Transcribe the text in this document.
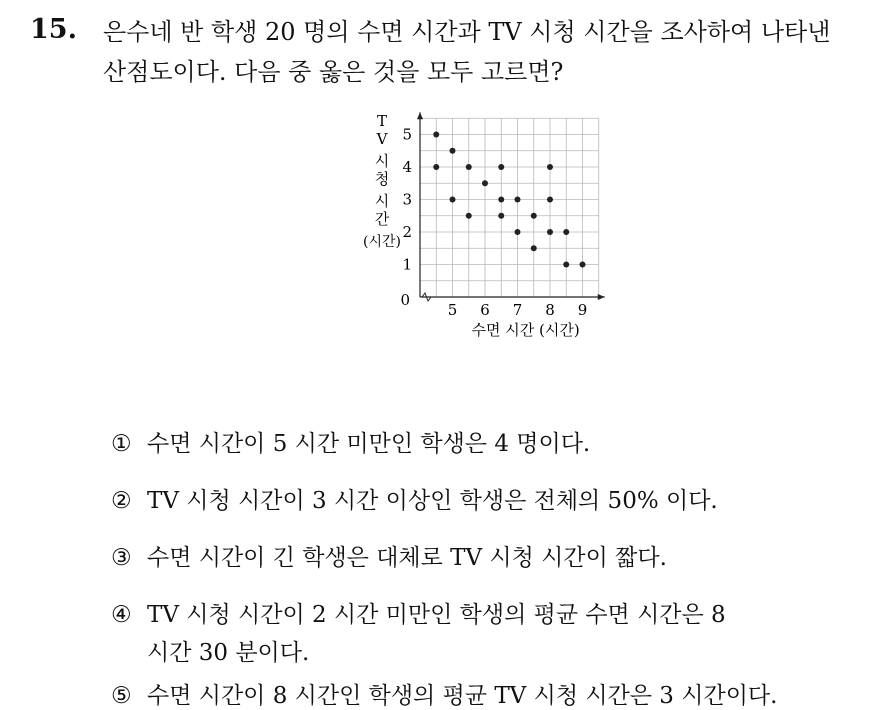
15. 은수네 반 학생 20 명의 수면 시간과 TV 시청 시간을 조사하여 나타낸
산점도이다. 다음 중 옳은 것을 모두 고르면?
5 6 7 8 9
1
2
3
4
5
0
T
V
시
청
시
간
(시간)
수면 시간 (시간)
① 수면 시간이 5 시간 미만인 학생은 4 명이다.
② TV 시청 시간이 3 시간 이상인 학생은 전체의 50% 이다.
③ 수면 시간이 긴 학생은 대체로 TV 시청 시간이 짧다.
④ TV 시청 시간이 2 시간 미만인 학생의 평균 수면 시간은 8
시간 30 분이다.
⑤ 수면 시간이 8 시간인 학생의 평균 TV 시청 시간은 3 시간이다.
